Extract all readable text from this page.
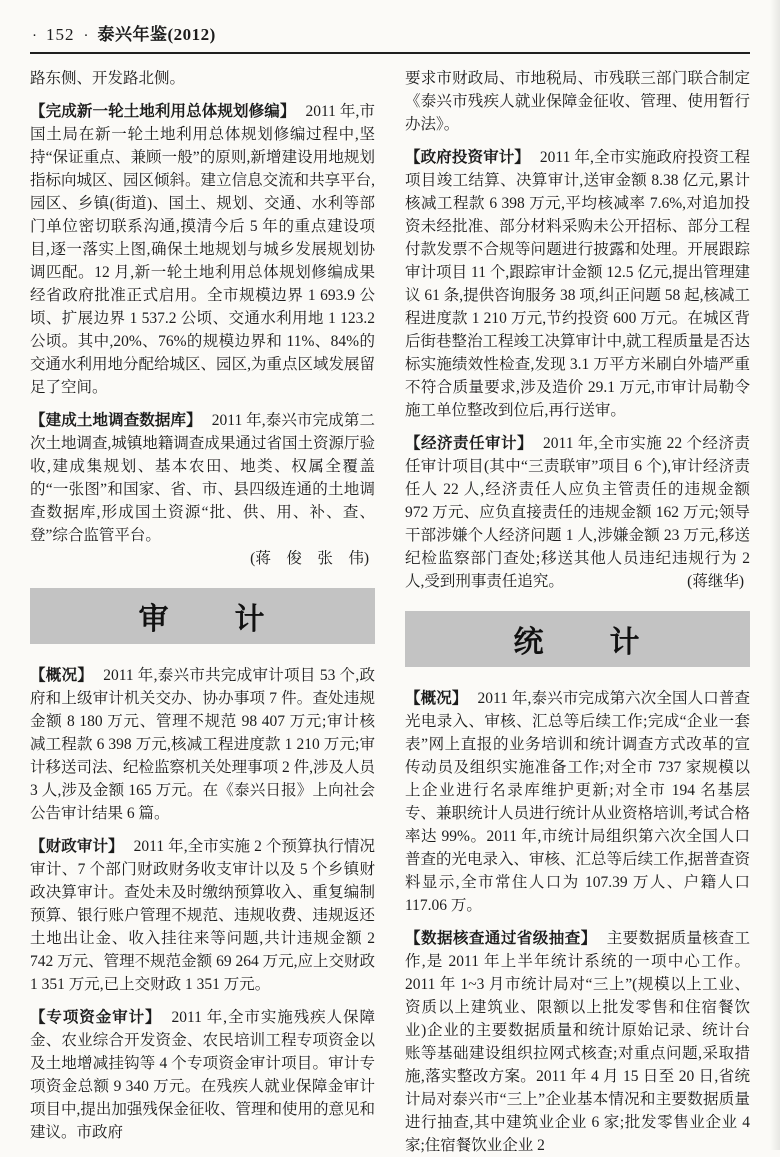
· 152 · 泰兴年鉴(2012)

路东侧、开发路北侧。

【完成新一轮土地利用总体规划修编】 2011 年,市国土局在新一轮土地利用总体规划修编过程中,坚持“保证重点、兼顾一般”的原则,新增建设用地规划指标向城区、园区倾斜。建立信息交流和共享平台,园区、乡镇(街道)、国土、规划、交通、水利等部门单位密切联系沟通,摸清今后 5 年的重点建设项目,逐一落实上图,确保土地规划与城乡发展规划协调匹配。12 月,新一轮土地利用总体规划修编成果经省政府批准正式启用。全市规模边界 1 693.9 公顷、扩展边界 1 537.2 公顷、交通水利用地 1 123.2 公顷。其中,20%、76%的规模边界和 11%、84%的交通水利用地分配给城区、园区,为重点区域发展留足了空间。

【建成土地调查数据库】 2011 年,泰兴市完成第二次土地调查,城镇地籍调查成果通过省国土资源厅验收,建成集规划、基本农田、地类、权属全覆盖的“一张图”和国家、省、市、县四级连通的土地调查数据库,形成国土资源“批、供、用、补、查、登”综合监管平台。

(蒋　俊　张　伟)
审　　计

【概况】 2011 年,泰兴市共完成审计项目 53 个,政府和上级审计机关交办、协办事项 7 件。查处违规金额 8 180 万元、管理不规范 98 407 万元;审计核减工程款 6 398 万元,核减工程进度款 1 210 万元;审计移送司法、纪检监察机关处理事项 2 件,涉及人员 3 人,涉及金额 165 万元。在《泰兴日报》上向社会公告审计结果 6 篇。

【财政审计】 2011 年,全市实施 2 个预算执行情况审计、7 个部门财政财务收支审计以及 5 个乡镇财政决算审计。查处未及时缴纳预算收入、重复编制预算、银行账户管理不规范、违规收费、违规返还土地出让金、收入挂往来等问题,共计违规金额 2 742 万元、管理不规范金额 69 264 万元,应上交财政 1 351 万元,已上交财政 1 351 万元。

【专项资金审计】 2011 年,全市实施残疾人保障金、农业综合开发资金、农民培训工程专项资金以及土地增减挂钩等 4 个专项资金审计项目。审计专项资金总额 9 340 万元。在残疾人就业保障金审计项目中,提出加强残保金征收、管理和使用的意见和建议。市政府

要求市财政局、市地税局、市残联三部门联合制定《泰兴市残疾人就业保障金征收、管理、使用暂行办法》。

【政府投资审计】 2011 年,全市实施政府投资工程项目竣工结算、决算审计,送审金额 8.38 亿元,累计核减工程款 6 398 万元,平均核减率 7.6%,对追加投资未经批准、部分材料采购未公开招标、部分工程付款发票不合规等问题进行披露和处理。开展跟踪审计项目 11 个,跟踪审计金额 12.5 亿元,提出管理建议 61 条,提供咨询服务 38 项,纠正问题 58 起,核减工程进度款 1 210 万元,节约投资 600 万元。在城区背后街巷整治工程竣工决算审计中,就工程质量是否达标实施绩效性检查,发现 3.1 万平方米刷白外墙严重不符合质量要求,涉及造价 29.1 万元,市审计局勒令施工单位整改到位后,再行送审。

【经济责任审计】 2011 年,全市实施 22 个经济责任审计项目(其中“三责联审”项目 6 个),审计经济责任人 22 人,经济责任人应负主管责任的违规金额 972 万元、应负直接责任的违规金额 162 万元;领导干部涉嫌个人经济问题 1 人,涉嫌金额 23 万元,移送纪检监察部门查处;移送其他人员违纪违规行为 2 人,受到刑事责任追究。	(蒋继华)
统　　计

【概况】 2011 年,泰兴市完成第六次全国人口普查光电录入、审核、汇总等后续工作;完成“企业一套表”网上直报的业务培训和统计调查方式改革的宣传动员及组织实施准备工作;对全市 737 家规模以上企业进行名录库维护更新;对全市 194 名基层专、兼职统计人员进行统计从业资格培训,考试合格率达 99%。2011 年,市统计局组织第六次全国人口普查的光电录入、审核、汇总等后续工作,据普查资料显示,全市常住人口为 107.39 万人、户籍人口 117.06 万。

【数据核查通过省级抽查】 主要数据质量核查工作,是 2011 年上半年统计系统的一项中心工作。2011 年 1~3 月市统计局对“三上”(规模以上工业、资质以上建筑业、限额以上批发零售和住宿餐饮业)企业的主要数据质量和统计原始记录、统计台账等基础建设组织拉网式核查;对重点问题,采取措施,落实整改方案。2011 年 4 月 15 日至 20 日,省统计局对泰兴市“三上”企业基本情况和主要数据质量进行抽查,其中建筑业企业 6 家;批发零售业企业 4 家;住宿餐饮业企业 2
